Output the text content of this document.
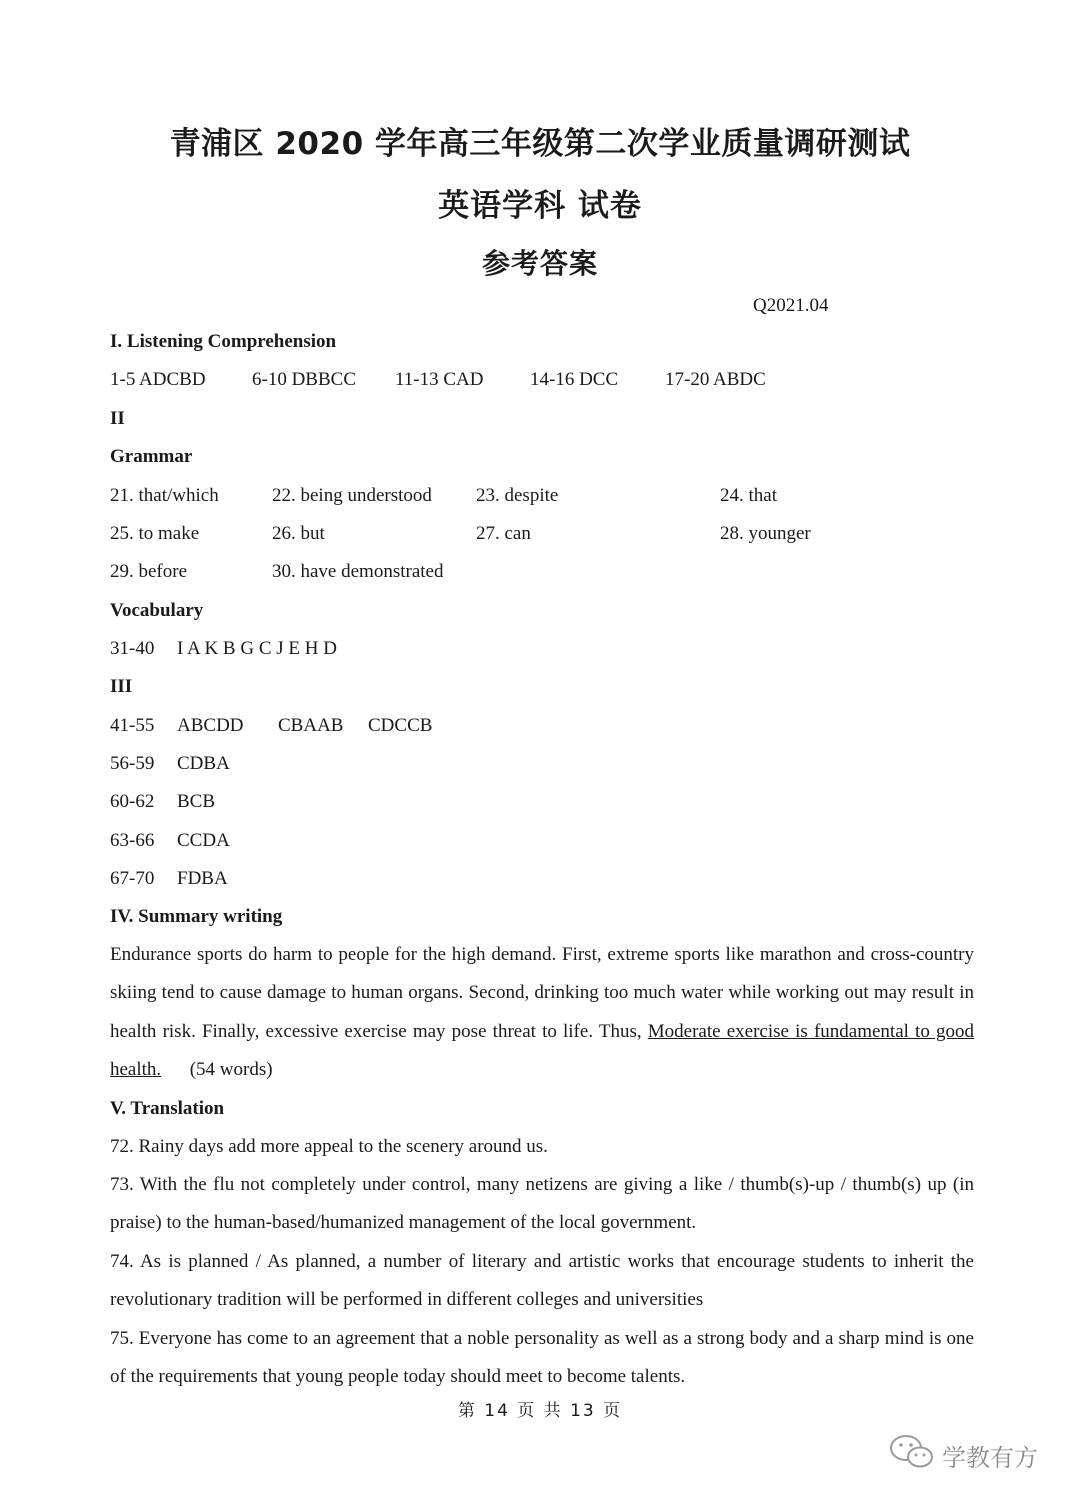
青浦区 2020 学年高三年级第二次学业质量调研测试
英语学科 试卷
参考答案
Q2021.04
I. Listening Comprehension
1-5 ADCBD 6-10 DBBCC 11-13 CAD 14-16 DCC 17-20 ABDC
II
Grammar
21. that/which	22. being understood 23. despite	24. that
25. to make	26. but	27. can	28. younger
29. before	30. have demonstrated
Vocabulary
31-40 I A K B G C J E H D
III
41-55 ABCDD CBAAB CDCCB
56-59 CDBA
60-62 BCB
63-66 CCDA
67-70 FDBA
IV. Summary writing
Endurance sports do harm to people for the high demand. First, extreme sports like marathon and cross-country skiing tend to cause damage to human organs. Second, drinking too much water while working out may result in health risk. Finally, excessive exercise may pose threat to life. Thus, Moderate exercise is fundamental to good health. (54 words)
V. Translation
72. Rainy days add more appeal to the scenery around us.
73. With the flu not completely under control, many netizens are giving a like / thumb(s)-up / thumb(s) up (in praise) to the human-based/humanized management of the local government.
74. As is planned / As planned, a number of literary and artistic works that encourage students to inherit the revolutionary tradition will be performed in different colleges and universities
75. Everyone has come to an agreement that a noble personality as well as a strong body and a sharp mind is one of the requirements that young people today should meet to become talents.
第 14 页 共 13 页
学教有方
